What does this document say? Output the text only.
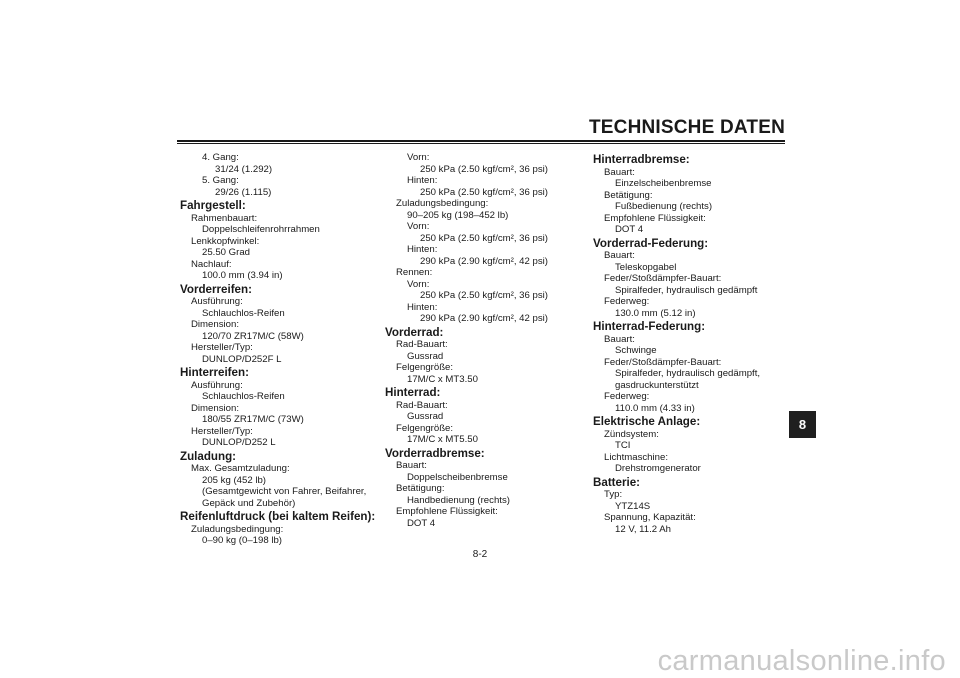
TECHNISCHE DATEN
4. Gang:
31/24 (1.292)
5. Gang:
29/26 (1.115)
Fahrgestell:
Rahmenbauart:
Doppelschleifenrohrrahmen
Lenkkopfwinkel:
25.50 Grad
Nachlauf:
100.0 mm (3.94 in)
Vorderreifen:
Ausführung:
Schlauchlos-Reifen
Dimension:
120/70 ZR17M/C (58W)
Hersteller/Typ:
DUNLOP/D252F L
Hinterreifen:
Ausführung:
Schlauchlos-Reifen
Dimension:
180/55 ZR17M/C (73W)
Hersteller/Typ:
DUNLOP/D252 L
Zuladung:
Max. Gesamtzuladung:
205 kg (452 lb)
(Gesamtgewicht von Fahrer, Beifahrer,
Gepäck und Zubehör)
Reifenluftdruck (bei kaltem Reifen):
Zuladungsbedingung:
0–90 kg (0–198 lb)
Vorn:
250 kPa (2.50 kgf/cm², 36 psi)
Hinten:
250 kPa (2.50 kgf/cm², 36 psi)
Zuladungsbedingung:
90–205 kg (198–452 lb)
Vorn:
250 kPa (2.50 kgf/cm², 36 psi)
Hinten:
290 kPa (2.90 kgf/cm², 42 psi)
Rennen:
Vorn:
250 kPa (2.50 kgf/cm², 36 psi)
Hinten:
290 kPa (2.90 kgf/cm², 42 psi)
Vorderrad:
Rad-Bauart:
Gussrad
Felgengröße:
17M/C x MT3.50
Hinterrad:
Rad-Bauart:
Gussrad
Felgengröße:
17M/C x MT5.50
Vorderradbremse:
Bauart:
Doppelscheibenbremse
Betätigung:
Handbedienung (rechts)
Empfohlene Flüssigkeit:
DOT 4
Hinterradbremse:
Bauart:
Einzelscheibenbremse
Betätigung:
Fußbedienung (rechts)
Empfohlene Flüssigkeit:
DOT 4
Vorderrad-Federung:
Bauart:
Teleskopgabel
Feder/Stoßdämpfer-Bauart:
Spiralfeder, hydraulisch gedämpft
Federweg:
130.0 mm (5.12 in)
Hinterrad-Federung:
Bauart:
Schwinge
Feder/Stoßdämpfer-Bauart:
Spiralfeder, hydraulisch gedämpft,
gasdruckunterstützt
Federweg:
110.0 mm (4.33 in)
Elektrische Anlage:
Zündsystem:
TCI
Lichtmaschine:
Drehstromgenerator
Batterie:
Typ:
YTZ14S
Spannung, Kapazität:
12 V, 11.2 Ah
8-2
8
carmanualsonline.info
